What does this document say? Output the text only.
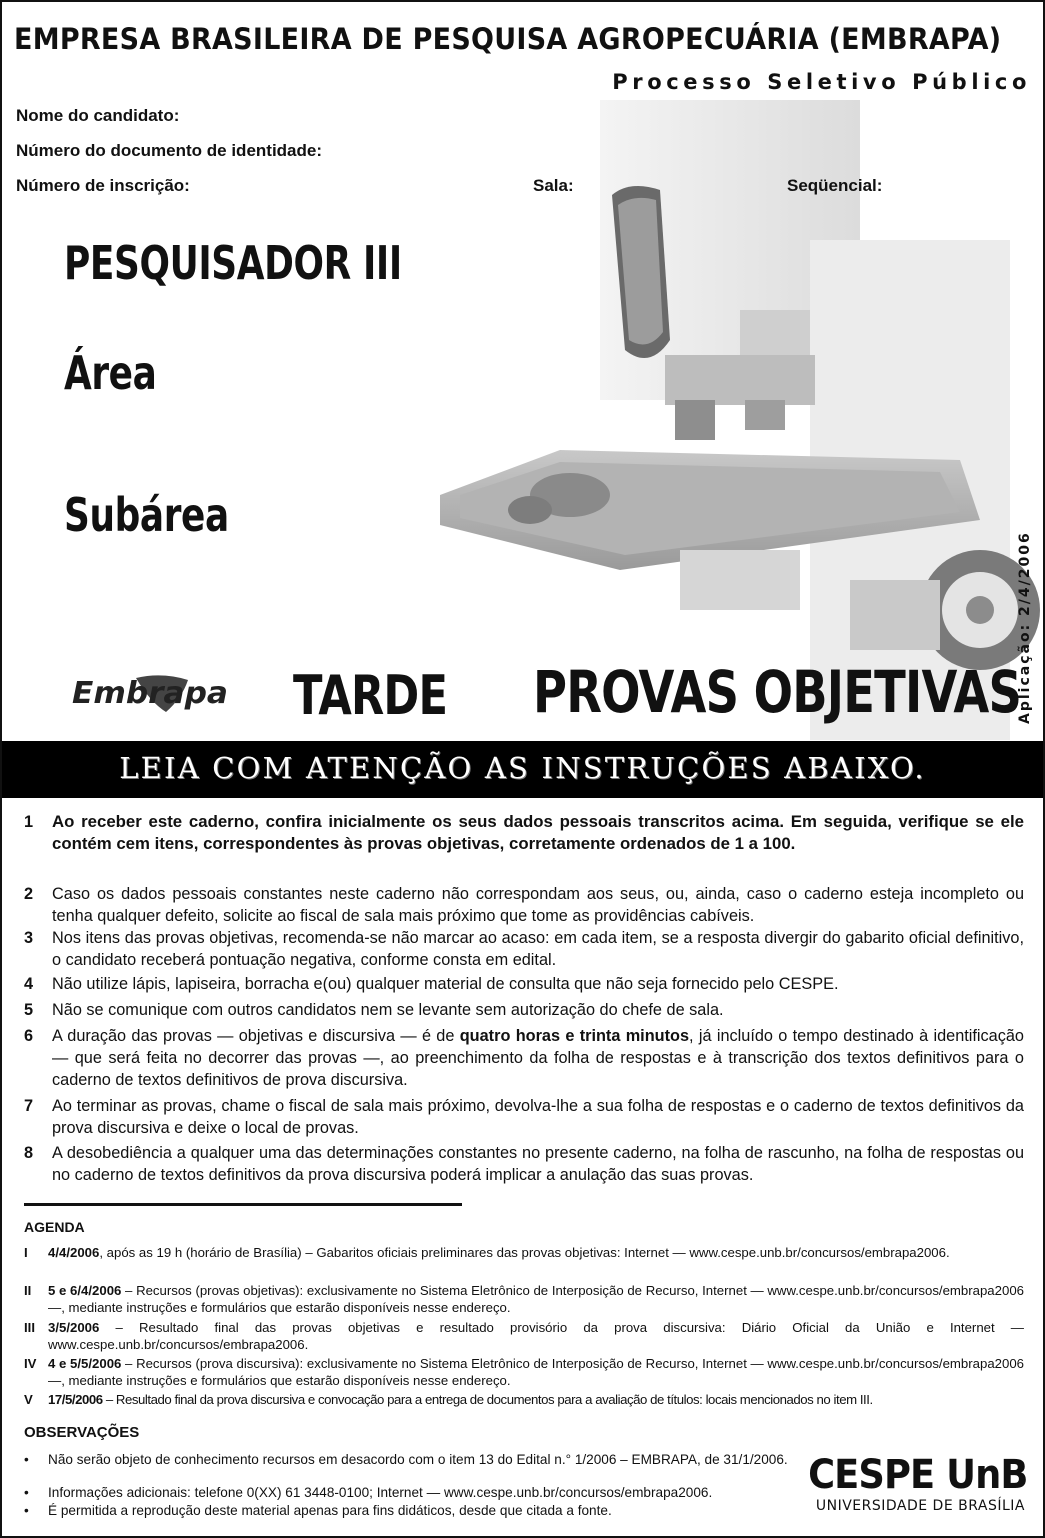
EMPRESA BRASILEIRA DE PESQUISA AGROPECUÁRIA (EMBRAPA)
Processo Seletivo Público
Nome do candidato:
Número do documento de identidade:
Número de inscrição:	Sala:	Seqüencial:
PESQUISADOR III
Área
Subárea
Embrapa TARDE PROVAS OBJETIVAS
Aplicação: 2/4/2006
LEIA COM ATENÇÃO AS INSTRUÇÕES ABAIXO.
1 Ao receber este caderno, confira inicialmente os seus dados pessoais transcritos acima. Em seguida, verifique se ele contém cem itens, correspondentes às provas objetivas, corretamente ordenados de 1 a 100.
2 Caso os dados pessoais constantes neste caderno não correspondam aos seus, ou, ainda, caso o caderno esteja incompleto ou tenha qualquer defeito, solicite ao fiscal de sala mais próximo que tome as providências cabíveis.
3 Nos itens das provas objetivas, recomenda-se não marcar ao acaso: em cada item, se a resposta divergir do gabarito oficial definitivo, o candidato receberá pontuação negativa, conforme consta em edital.
4 Não utilize lápis, lapiseira, borracha e(ou) qualquer material de consulta que não seja fornecido pelo CESPE.
5 Não se comunique com outros candidatos nem se levante sem autorização do chefe de sala.
6 A duração das provas — objetivas e discursiva — é de quatro horas e trinta minutos, já incluído o tempo destinado à identificação — que será feita no decorrer das provas —, ao preenchimento da folha de respostas e à transcrição dos textos definitivos para o caderno de textos definitivos de prova discursiva.
7 Ao terminar as provas, chame o fiscal de sala mais próximo, devolva-lhe a sua folha de respostas e o caderno de textos definitivos da prova discursiva e deixe o local de provas.
8 A desobediência a qualquer uma das determinações constantes no presente caderno, na folha de rascunho, na folha de respostas ou no caderno de textos definitivos da prova discursiva poderá implicar a anulação das suas provas.
AGENDA
I 4/4/2006, após as 19 h (horário de Brasília) – Gabaritos oficiais preliminares das provas objetivas: Internet — www.cespe.unb.br/concursos/embrapa2006.
II 5 e 6/4/2006 – Recursos (provas objetivas): exclusivamente no Sistema Eletrônico de Interposição de Recurso, Internet — www.cespe.unb.br/concursos/embrapa2006 —, mediante instruções e formulários que estarão disponíveis nesse endereço.
III 3/5/2006 – Resultado final das provas objetivas e resultado provisório da prova discursiva: Diário Oficial da União e Internet — www.cespe.unb.br/concursos/embrapa2006.
IV 4 e 5/5/2006 – Recursos (prova discursiva): exclusivamente no Sistema Eletrônico de Interposição de Recurso, Internet — www.cespe.unb.br/concursos/embrapa2006 —, mediante instruções e formulários que estarão disponíveis nesse endereço.
V 17/5/2006 – Resultado final da prova discursiva e convocação para a entrega de documentos para a avaliação de títulos: locais mencionados no item III.
OBSERVAÇÕES
• Não serão objeto de conhecimento recursos em desacordo com o item 13 do Edital n.° 1/2006 – EMBRAPA, de 31/1/2006.
• Informações adicionais: telefone 0(XX) 61 3448-0100; Internet — www.cespe.unb.br/concursos/embrapa2006.
• É permitida a reprodução deste material apenas para fins didáticos, desde que citada a fonte.
CESPE UnB
UNIVERSIDADE DE BRASÍLIA
